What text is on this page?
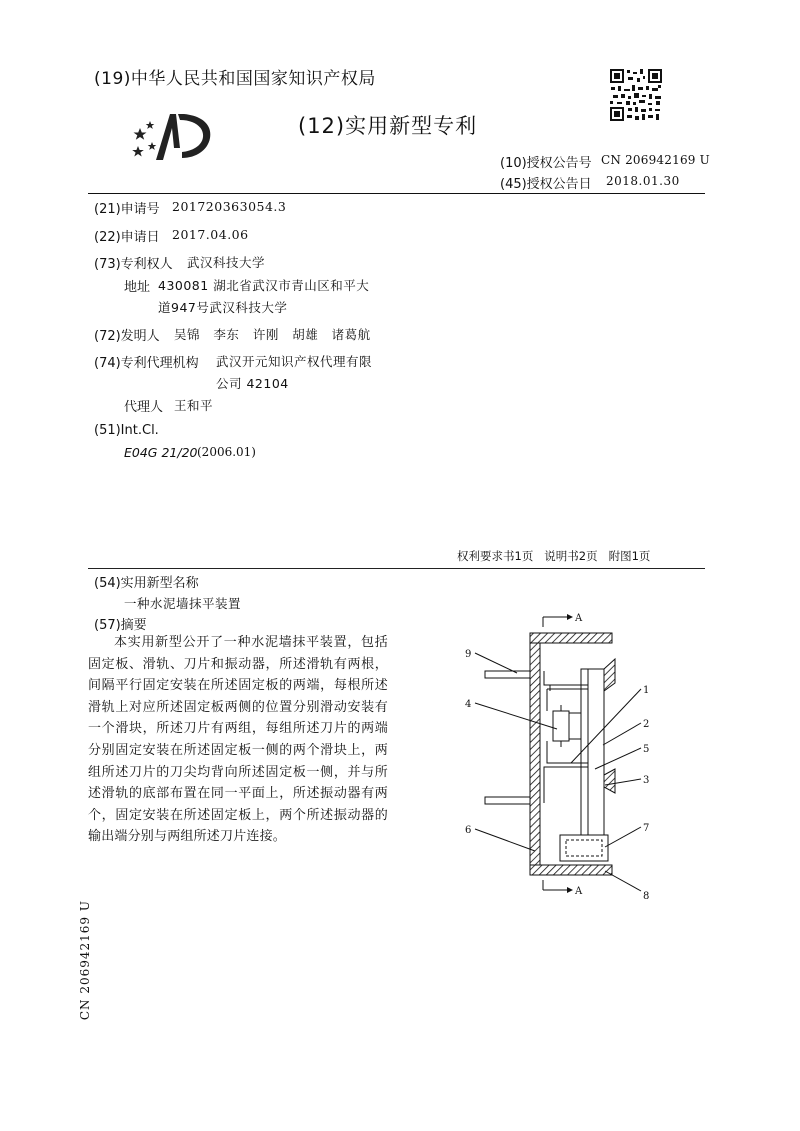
(19)中华人民共和国国家知识产权局
(12)实用新型专利
(10)授权公告号 CN 206942169 U
(45)授权公告日 2018.01.30
(21)申请号 201720363054.3
(22)申请日 2017.04.06
(73)专利权人 武汉科技大学
地址 430081 湖北省武汉市青山区和平大
道947号武汉科技大学
(72)发明人 吴锦   李东   许刚   胡雄   诸葛航
(74)专利代理机构 武汉开元知识产权代理有限
公司 42104
代理人 王和平
(51)Int.Cl.
E04G 21/20 (2006.01)
权利要求书1页   说明书2页   附图1页
(54)实用新型名称
一种水泥墙抹平装置
(57)摘要

本实用新型公开了一种水泥墙抹平装置，包括固定板、滑轨、刀片和振动器，所述滑轨有两根，间隔平行固定安装在所述固定板的两端，每根所述滑轨上对应所述固定板两侧的位置分别滑动安装有一个滑块，所述刀片有两组，每组所述刀片的两端分别固定安装在所述固定板一侧的两个滑块上，两组所述刀片的刀尖均背向所述固定板一侧，并与所述滑轨的底部布置在同一平面上，所述振动器有两个，固定安装在所述固定板上，两个所述振动器的输出端分别与两组所述刀片连接。

A
A
1
2
3
4
5
6	7
8
9
CN 206942169 U
